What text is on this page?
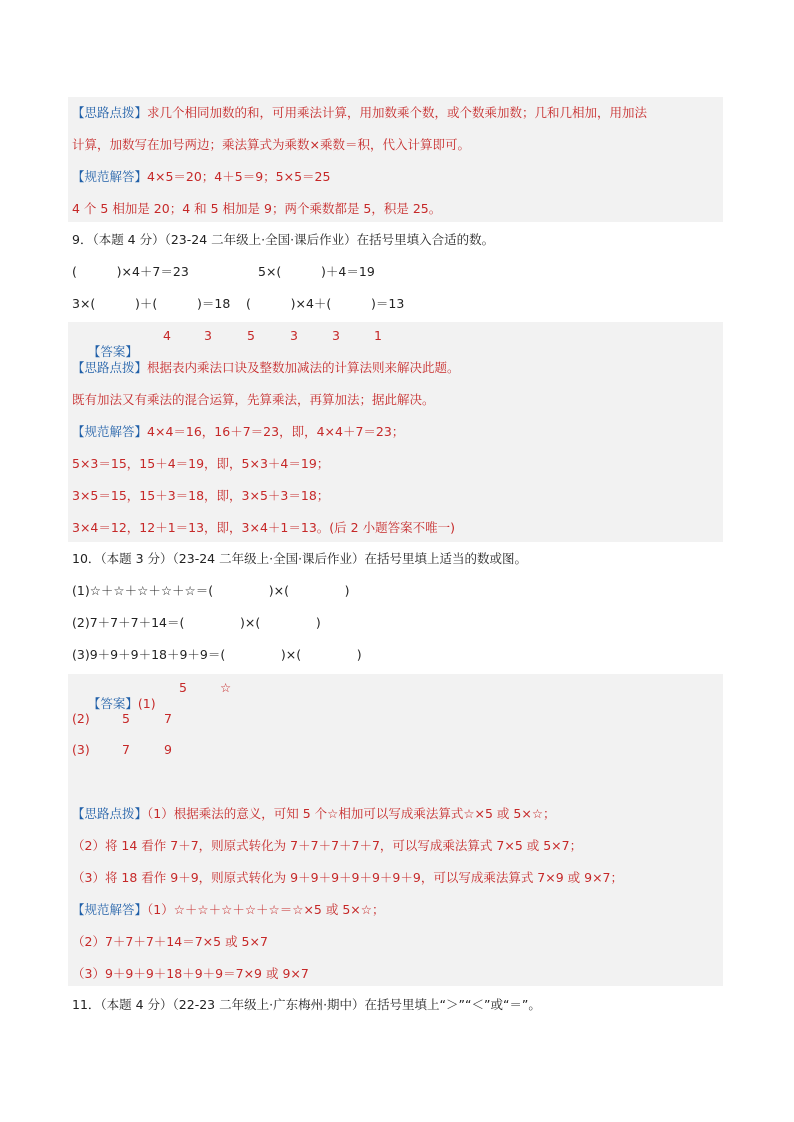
【思路点拨】求几个相同加数的和，可用乘法计算，用加数乘个数，或个数乘加数；几和几相加，用加法
计算，加数写在加号两边；乘法算式为乘数×乘数＝积，代入计算即可。
【规范解答】4×5＝20；4＋5＝9；5×5＝25
4 个 5 相加是 20；4 和 5 相加是 9；两个乘数都是 5，积是 25。
9．（本题 4 分）（23-24 二年级上·全国·课后作业）在括号里填入合适的数。
(          )×4＋7＝23	5×(          )＋4＝19
3×(          )＋(          )＝18 (          )×4＋(          )＝13

【答案】

4	3	5	3	3	1
【思路点拨】根据表内乘法口诀及整数加减法的计算法则来解决此题。
既有加法又有乘法的混合运算，先算乘法，再算加法；据此解决。
【规范解答】4×4＝16，16＋7＝23，即，4×4＋7＝23；
5×3＝15，15＋4＝19，即，5×3＋4＝19；
3×5＝15，15＋3＝18，即，3×5＋3＝18；
3×4＝12，12＋1＝13，即，3×4＋1＝13。(后 2 小题答案不唯一)
10．（本题 3 分）（23-24 二年级上·全国·课后作业）在括号里填上适当的数或图。
(1)☆＋☆＋☆＋☆＋☆＝(              )×(              )
(2)7＋7＋7＋14＝(              )×(              )
(3)9＋9＋9＋18＋9＋9＝(              )×(              )

【答案】(1)

5	☆
(2)	5	7
(3)	7	9
【思路点拨】（1）根据乘法的意义，可知 5 个☆相加可以写成乘法算式☆×5 或 5×☆；
（2）将 14 看作 7＋7，则原式转化为 7＋7＋7＋7＋7，可以写成乘法算式 7×5 或 5×7；
（3）将 18 看作 9＋9，则原式转化为 9＋9＋9＋9＋9＋9＋9，可以写成乘法算式 7×9 或 9×7；
【规范解答】（1）☆＋☆＋☆＋☆＋☆＝☆×5 或 5×☆；
（2）7＋7＋7＋14＝7×5 或 5×7
（3）9＋9＋9＋18＋9＋9＝7×9 或 9×7
11．（本题 4 分）（22-23 二年级上·广东梅州·期中）在括号里填上“＞”“＜”或“＝”。
